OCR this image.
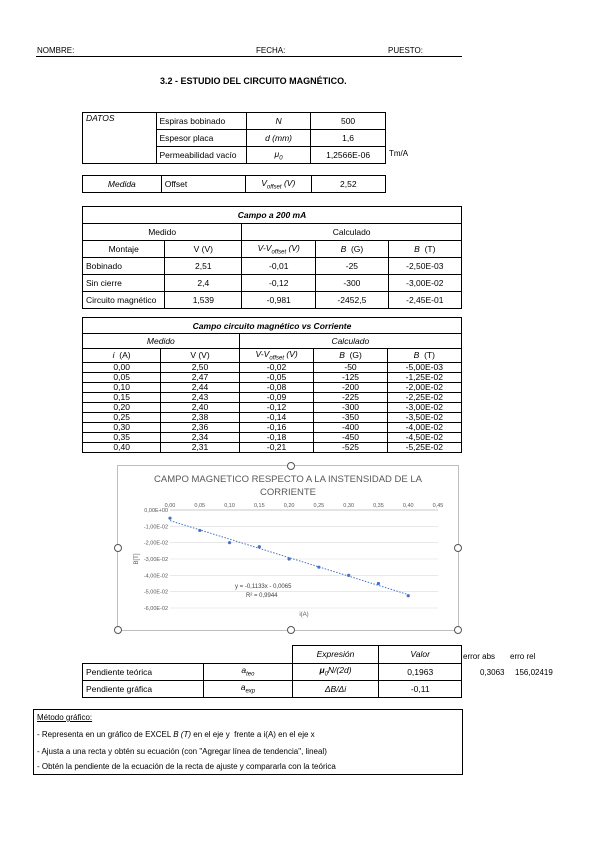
NOMBRE:	FECHA:	PUESTO:
3.2 - ESTUDIO DEL CIRCUITO MAGNÉTICO.
DATOS	Espiras bobinado	N	500
	Espesor placa	d (mm)	1,6
	Permeabilidad vacío	$\mu_0$	1,2566E-06 Tm/A
Medida	Offset	$V_{offset}$ (V)	2,52
Campo a 200 mA				
Medido		Calculado		
Montaje	V (V)	$V-V_{offset}$ (V)	B  (G)	B  (T)
Bobinado	2,51	-0,01	-25	-2,50E-03
Sin cierre	2,4	-0,12	-300	-3,00E-02
Circuito magnético	1,539	-0,981	-2452,5	-2,45E-01
Campo circuito magnético vs Corriente				
Medido		Calculado		
i  (A)	V (V)	$V-V_{offset}$ (V)	B  (G)	B  (T)
0,00	2,50	-0,02	-50	-5,00E-03
0,05	2,47	-0,05	-125	-1,25E-02
0,10	2,44	-0,08	-200	-2,00E-02
0,15	2,43	-0,09	-225	-2,25E-02
0,20	2,40	-0,12	-300	-3,00E-02
0,25	2,38	-0,14	-350	-3,50E-02
0,30	2,36	-0,16	-400	-4,00E-02
0,35	2,34	-0,18	-450	-4,50E-02
0,40	2,31	-0,21	-525	-5,25E-02
CAMPO MAGNETICO RESPECTO A LA INSTENSIDAD DE LA
CORRIENTE
0,00E+00
-1,00E-02
-2,00E-02
-3,00E-02
-4,00E-02
-5,00E-02
-6,00E-02
0,00	0,05	0,10	0,15	0,20	0,25	0,30	0,35	0,40	0,45
i(A)
B[T]
y = -0,1133x - 0,0065
R² = 0,9944
		Expresión	Valor
Pendiente teórica	$a_{teo}$	$\mu_0N/(2d)$	0,1963
Pendiente gráfica	$a_{exp}$	ΔB/Δi	-0,11
error abs erro rel
0,3063 156,02419
Método gráfico:
- Representa en un gráfico de EXCEL B (T) en el eje y  frente a i(A) en el eje x
- Ajusta a una recta y obtén su ecuación (con "Agregar línea de tendencia", lineal)
- Obtén la pendiente de la ecuación de la recta de ajuste y compararla con la teórica
